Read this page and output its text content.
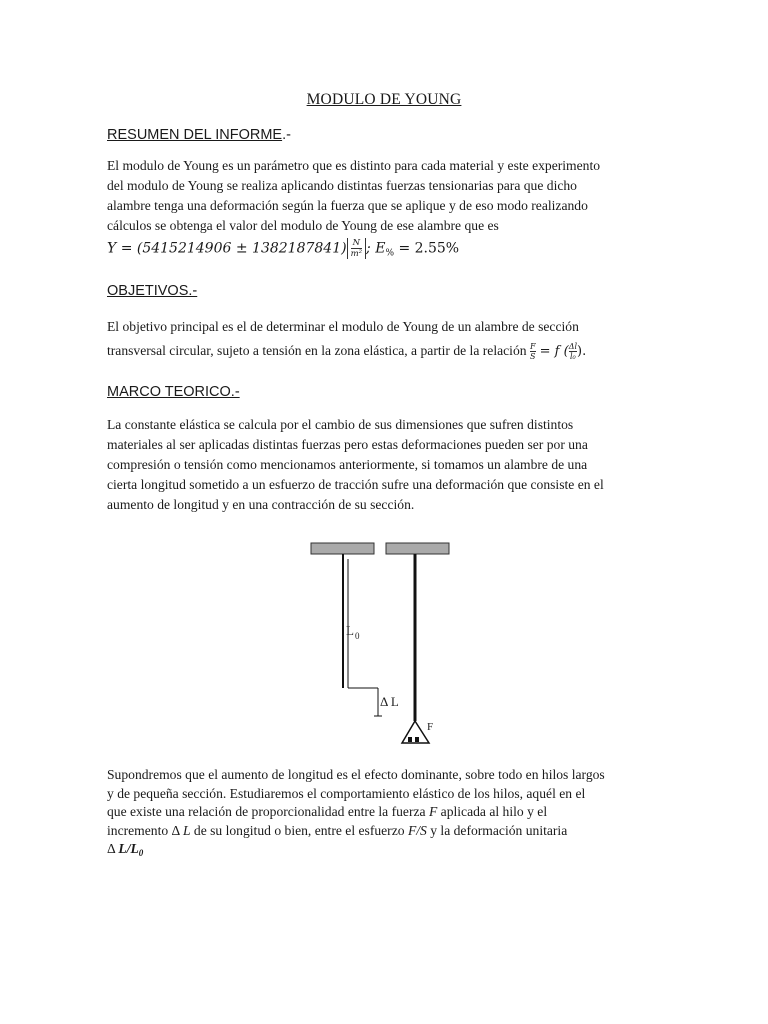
MODULO DE YOUNG
RESUMEN DEL INFORME.-
El modulo de Young es un parámetro que es distinto para cada material y este experimento
del modulo de Young se realiza aplicando distintas fuerzas tensionarias para que dicho
alambre tenga una deformación según la fuerza que se aplique y de eso modo realizando
cálculos se obtenga el valor del modulo de Young de ese alambre que es
$Y = (5415214906 \pm 1382187841) \frac{N}{\text{m²}}$ ; $E_{\%} = 2.55\%$
OBJETIVOS.-
El objetivo principal es el de determinar el modulo de Young de un alambre de sección
transversal circular, sujeto a tensión en la zona elástica, a partir de la relación $\frac{F}{S} = f$ ( $\frac{\Delta l}{\text{l₀}}$ ).
MARCO TEORICO.-
La constante elástica se calcula por el cambio de sus dimensiones que sufren distintos
materiales al ser aplicadas distintas fuerzas pero estas deformaciones pueden ser por una
compresión o tensión como mencionamos anteriormente, si tomamos un alambre de una
cierta longitud sometido a un esfuerzo de tracción sufre una deformación que consiste en el
aumento de longitud y en una contracción de su sección.
L 0
Δ L
F
Supondremos que el aumento de longitud es el efecto dominante, sobre todo en hilos largos
y de pequeña sección. Estudiaremos el comportamiento elástico de los hilos, aquél en el
que existe una relación de proporcionalidad entre la fuerza F aplicada al hilo y el
incremento Δ L de su longitud o bien, entre el esfuerzo F/S y la deformación unitaria
Δ $L/L_0$
